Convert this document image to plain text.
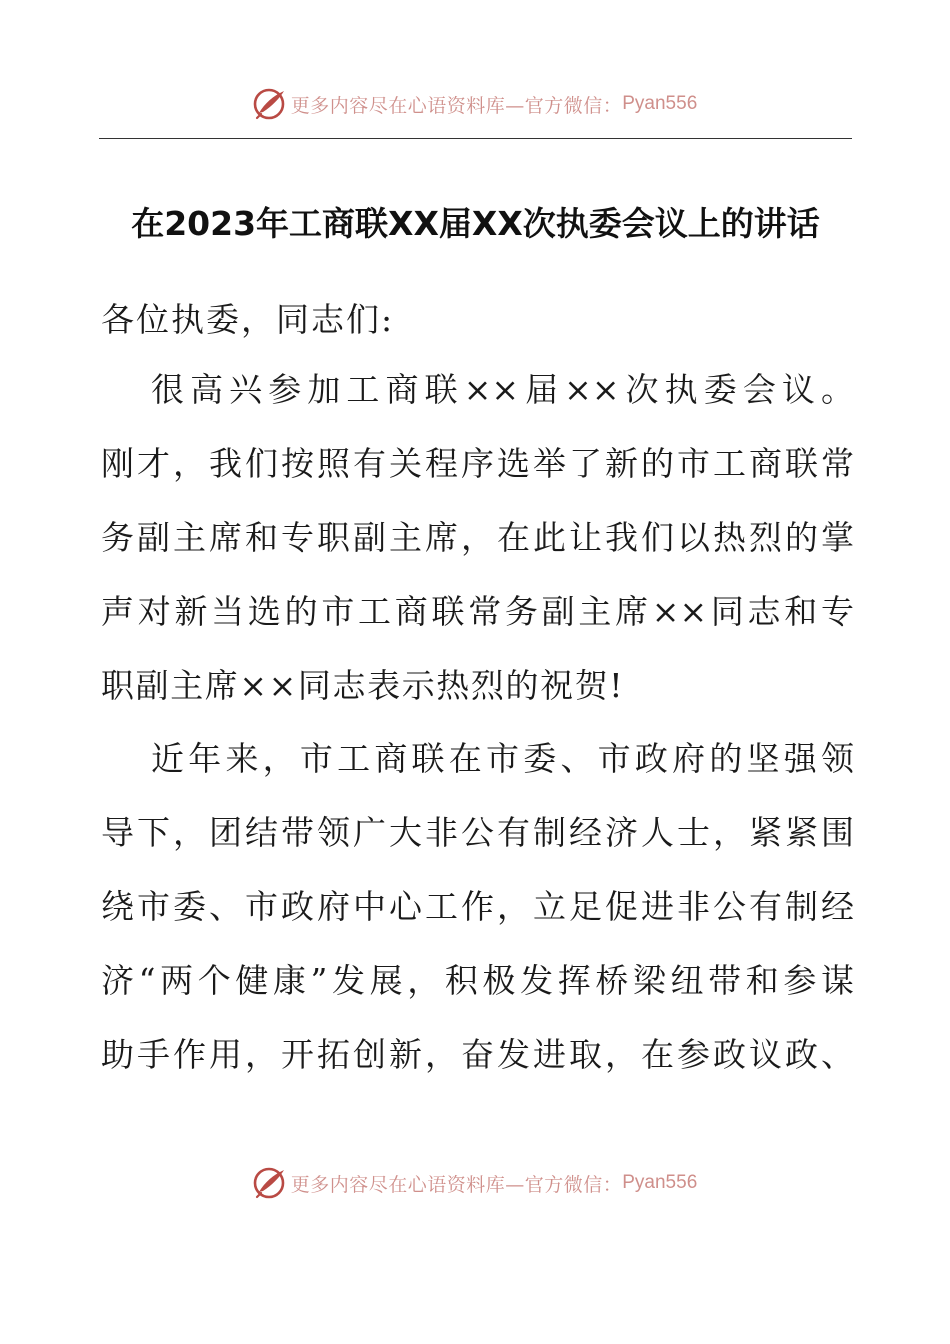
更多内容尽在心语资料库—官方微信： Pyan556
在2023年工商联XX届XX次执委会议上的讲话
各位执委，同志们:
很高兴参加工商联××届××次执委会议。
刚才，我们按照有关程序选举了新的市工商联常
务副主席和专职副主席，在此让我们以热烈的掌
声对新当选的市工商联常务副主席××同志和专
职副主席××同志表示热烈的祝贺!
近年来，市工商联在市委、市政府的坚强领
导下，团结带领广大非公有制经济人士，紧紧围
绕市委、市政府中心工作，立足促进非公有制经
济“两个健康”发展，积极发挥桥梁纽带和参谋
助手作用，开拓创新，奋发进取，在参政议政、
更多内容尽在心语资料库—官方微信： Pyan556
